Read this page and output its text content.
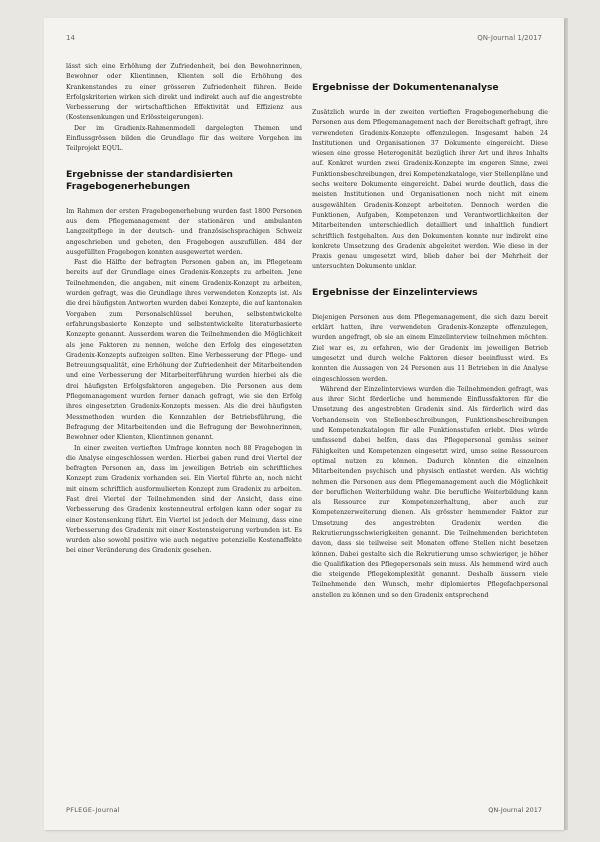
14	QN-Journal 1/2017

lässt sich eine Erhöhung der Zufriedenheit, bei den Bewohnerinnen, Bewohner oder Klientinnen, Klienten soll die Erhöhung des Krankenstandes zu einer grösseren Zufriedenheit führen. Beide Erfolgskriterien wirken sich direkt und indirekt auch auf die angestrebte Verbesserung der wirtschaftlichen Effektivität und Effizienz aus (Kostensenkungen und Erlössteigerungen).

Der im Gradienix-Rahmenmodell dargelegten Themen und Einflussgrössen bilden die Grundlage für das weitere Vorgehen im Teilprojekt EQUL.

Ergebnisse der standardisierten Fragebogenerhebungen

Im Rahmen der ersten Fragebogenerhebung wurden fast 1800 Personen aus dem Pflegemanagement der stationären und ambulanten Langzeitpflege in der deutsch- und französischsprachigen Schweiz angeschrieben und gebeten, den Fragebogen auszufüllen. 484 der ausgefüllten Fragebogen konnten ausgewertet werden.

Fast die Hälfte der befragten Personen gaben an, im Pflegeteam bereits auf der Grundlage eines Gradenix-Konzepts zu arbeiten. Jene Teilnehmenden, die angaben, mit einem Gradenix-Konzept zu arbeiten, wurden gefragt, was die Grundlage ihres verwendeten Konzepts ist. Als die drei häufigsten Antworten wurden dabei Konzepte, die auf kantonalen Vorgaben zum Personalschlüssel beruhen, selbstentwickelte erfahrungsbasierte Konzepte und selbstentwickelte literaturbasierte Konzepte genannt. Ausserdem waren die Teilnehmenden die Möglichkeit als jene Faktoren zu nennen, welche den Erfolg des eingesetzten Gradenix-Konzepts aufzeigen sollten. Eine Verbesserung der Pflege- und Betreuungsqualität, eine Erhöhung der Zufriedenheit der Mitarbeitenden und eine Verbesserung der Mitarbeiterführung wurden hierbei als die drei häufigsten Erfolgsfaktoren angegeben. Die Personen aus dem Pflegemanagement wurden ferner danach gefragt, wie sie den Erfolg ihres eingesetzten Gradenix-Konzepts messen. Als die drei häufigsten Messmethoden wurden die Kennzahlen der Betriebsführung, die Befragung der Mitarbeitenden und die Befragung der Bewohnerinnen, Bewohner oder Klienten, Klientinnen genannt.

In einer zweiten vertieften Umfrage konnten noch 88 Fragebogen in die Analyse eingeschlossen werden. Hierbei gaben rund drei Viertel der befragten Personen an, dass im jeweiligen Betrieb ein schriftliches Konzept zum Gradenix vorhanden sei. Ein Viertel führte an, noch nicht mit einem schriftlich ausformulierten Konzept zum Gradenix zu arbeiten. Fast drei Viertel der Teilnehmenden sind der Ansicht, dass eine Verbesserung des Gradenix kostenneutral erfolgen kann oder sogar zu einer Kostensenkung führt. Ein Viertel ist jedoch der Meinung, dass eine Verbesserung des Gradenix mit einer Kostensteigerung verbunden ist. Es wurden also sowohl positive wie auch negative potenzielle Kostenaffekte bei einer Veränderung des Gradenix gesehen.

Ergebnisse der Dokumentenanalyse

Zusätzlich wurde in der zweiten vertieften Fragebogenerhebung die Personen aus dem Pflegemanagement nach der Bereitschaft gefragt, ihre verwendeten Gradenix-Konzepte offenzulegen. Insgesamt haben 24 Institutionen und Organisationen 37 Dokumente eingereicht. Diese wiesen eine grosse Heterogenität bezüglich ihrer Art und ihres Inhalts auf. Konkret wurden zwei Gradenix-Konzepte im engeren Sinne, zwei Funktionsbeschreibungen, drei Kompetenzkataloge, vier Stellenpläne und sechs weitere Dokumente eingereicht. Dabei wurde deutlich, dass die meisten Institutionen und Organisationen noch nicht mit einem ausgewählten Gradenix-Konzept arbeiteten. Dennoch werden die Funktionen, Aufgaben, Kompetenzen und Verantwortlichkeiten der Mitarbeitenden unterschiedlich detailliert und inhaltlich fundiert schriftlich festgehalten. Aus den Dokumenten konnte nur indirekt eine konkrete Umsetzung des Gradenix abgeleitet werden. Wie diese in der Praxis genau umgesetzt wird, blieb daher bei der Mehrheit der untersuchten Dokumente unklar.

Ergebnisse der Einzelinterviews

Diejenigen Personen aus dem Pflegemanagement, die sich dazu bereit erklärt hatten, ihre verwendeten Gradenix-Konzepte offenzulegen, wurden angefragt, ob sie an einem Einzelinterview teilnehmen möchten. Ziel war es, zu erfahren, wie der Gradenix im jeweiligen Betrieb umgesetzt und durch welche Faktoren dieser beeinflusst wird. Es konnten die Aussagen von 24 Personen aus 11 Betrieben in die Analyse eingeschlossen werden.

Während der Einzelinterviews wurden die Teilnehmenden gefragt, was aus ihrer Sicht förderliche und hemmende Einflussfaktoren für die Umsetzung des angestrebten Gradenix sind. Als förderlich wird das Vorhandensein von Stellenbeschreibungen, Funktionsbeschreibungen und Kompetenzkatalogen für alle Funktionsstufen erlebt. Dies würde umfassend dabei helfen, dass das Pflegepersonal gemäss seiner Fähigkeiten und Kompetenzen eingesetzt wird, umso seine Ressourcen optimal nutzen zu können. Dadurch könnten die einzelnen Mitarbeitenden psychisch und physisch entlastet werden. Als wichtig nehmen die Personen aus dem Pflegemanagement auch die Möglichkeit der beruflichen Weiterbildung wahr. Die berufliche Weiterbildung kann als Ressource zur Kompetenzerhaltung, aber auch zur Kompetenzerweiterung dienen. Als grösster hemmender Faktor zur Umsetzung des angestrebten Gradenix werden die Rekrutierungsschwierigkeiten genannt. Die Teilnehmenden berichteten davon, dass sie teilweise seit Monaten offene Stellen nicht besetzen können. Dabei gestalte sich die Rekrutierung umso schwieriger, je höher die Qualifikation des Pflegepersonals sein muss. Als hemmend wird auch die steigende Pflegekomplexität genannt. Deshalb äussern viele Teilnehmende den Wunsch, mehr diplomiertes Pflegefachpersonal anstellen zu können und so den Gradenix entsprechend

PFLEGE-Journal	QN-Journal 2017
